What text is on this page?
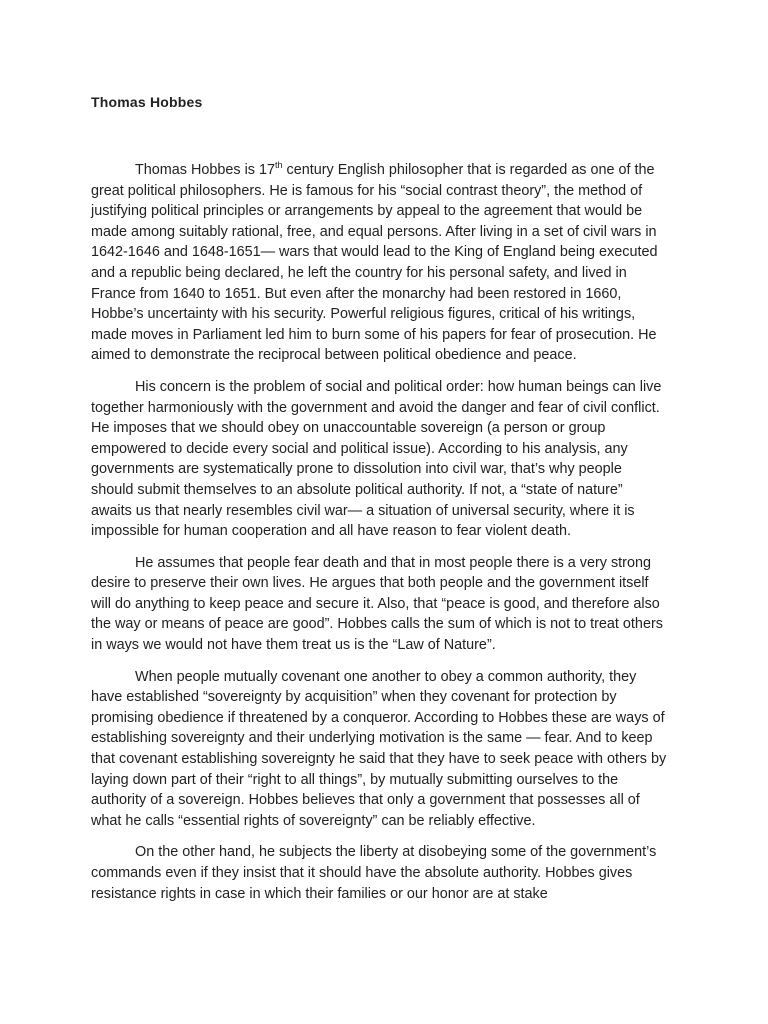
Thomas Hobbes

Thomas Hobbes is 17th century English philosopher that is regarded as one of the great political philosophers. He is famous for his “social contrast theory”, the method of justifying political principles or arrangements by appeal to the agreement that would be made among suitably rational, free, and equal persons. After living in a set of civil wars in 1642-1646 and 1648-1651— wars that would lead to the King of England being executed and a republic being declared, he left the country for his personal safety, and lived in France from 1640 to 1651. But even after the monarchy had been restored in 1660, Hobbe’s uncertainty with his security. Powerful religious figures, critical of his writings, made moves in Parliament led him to burn some of his papers for fear of prosecution. He aimed to demonstrate the reciprocal between political obedience and peace.

His concern is the problem of social and political order: how human beings can live together harmoniously with the government and avoid the danger and fear of civil conflict. He imposes that we should obey on unaccountable sovereign (a person or group empowered to decide every social and political issue). According to his analysis, any governments are systematically prone to dissolution into civil war, that’s why people should submit themselves to an absolute political authority. If not, a “state of nature” awaits us that nearly resembles civil war— a situation of universal security, where it is impossible for human cooperation and all have reason to fear violent death.

He assumes that people fear death and that in most people there is a very strong desire to preserve their own lives. He argues that both people and the government itself will do anything to keep peace and secure it. Also, that “peace is good, and therefore also the way or means of peace are good”. Hobbes calls the sum of which is not to treat others in ways we would not have them treat us is the “Law of Nature”.

When people mutually covenant one another to obey a common authority, they have established “sovereignty by acquisition” when they covenant for protection by promising obedience if threatened by a conqueror. According to Hobbes these are ways of establishing sovereignty and their underlying motivation is the same — fear. And to keep that covenant establishing sovereignty he said that they have to seek peace with others by laying down part of their “right to all things”, by mutually submitting ourselves to the authority of a sovereign. Hobbes believes that only a government that possesses all of what he calls “essential rights of sovereignty” can be reliably effective.

On the other hand, he subjects the liberty at disobeying some of the government’s commands even if they insist that it should have the absolute authority. Hobbes gives resistance rights in case in which their families or our honor are at stake
